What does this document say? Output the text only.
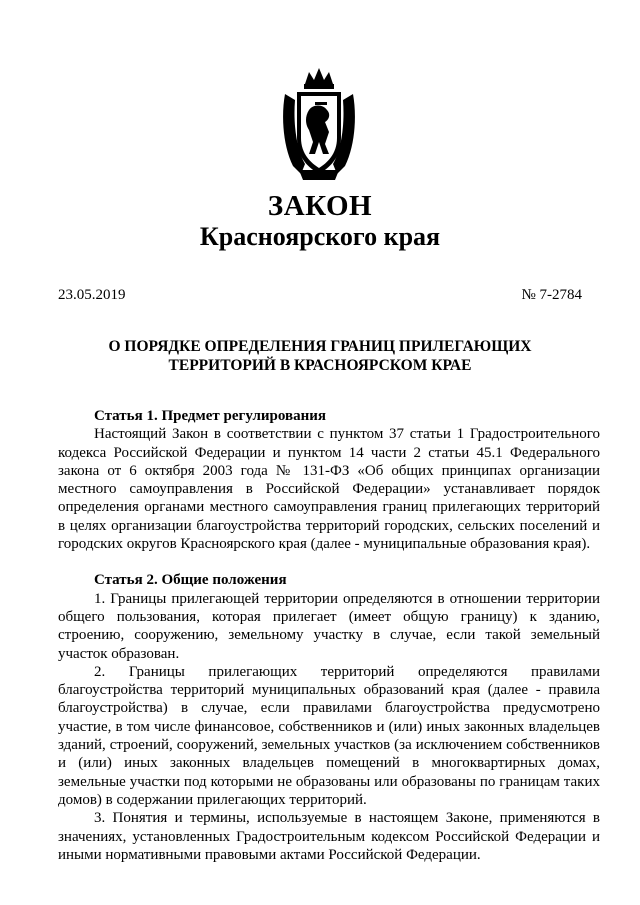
ЗАКОН
Красноярского края
23.05.2019	№ 7-2784
О ПОРЯДКЕ ОПРЕДЕЛЕНИЯ ГРАНИЦ ПРИЛЕГАЮЩИХ
ТЕРРИТОРИЙ В КРАСНОЯРСКОМ КРАЕ
Статья 1. Предмет регулирования
Настоящий Закон в соответствии с пунктом 37 статьи 1 Градостроительного кодекса Российской Федерации и пунктом 14 части 2 статьи 45.1 Федерального закона от 6 октября 2003 года № 131-ФЗ «Об общих принципах организации местного самоуправления в Российской Федерации» устанавливает порядок определения органами местного самоуправления границ прилегающих территорий в целях организации благоустройства территорий городских, сельских поселений и городских округов Красноярского края (далее - муниципальные образования края).
Статья 2. Общие положения
1. Границы прилегающей территории определяются в отношении территории общего пользования, которая прилегает (имеет общую границу) к зданию, строению, сооружению, земельному участку в случае, если такой земельный участок образован.
2. Границы прилегающих территорий определяются правилами благоустройства территорий муниципальных образований края (далее - правила благоустройства) в случае, если правилами благоустройства предусмотрено участие, в том числе финансовое, собственников и (или) иных законных владельцев зданий, строений, сооружений, земельных участков (за исключением собственников и (или) иных законных владельцев помещений в многоквартирных домах, земельные участки под которыми не образованы или образованы по границам таких домов) в содержании прилегающих территорий.
3. Понятия и термины, используемые в настоящем Законе, применяются в значениях, установленных Градостроительным кодексом Российской Федерации и иными нормативными правовыми актами Российской Федерации.
